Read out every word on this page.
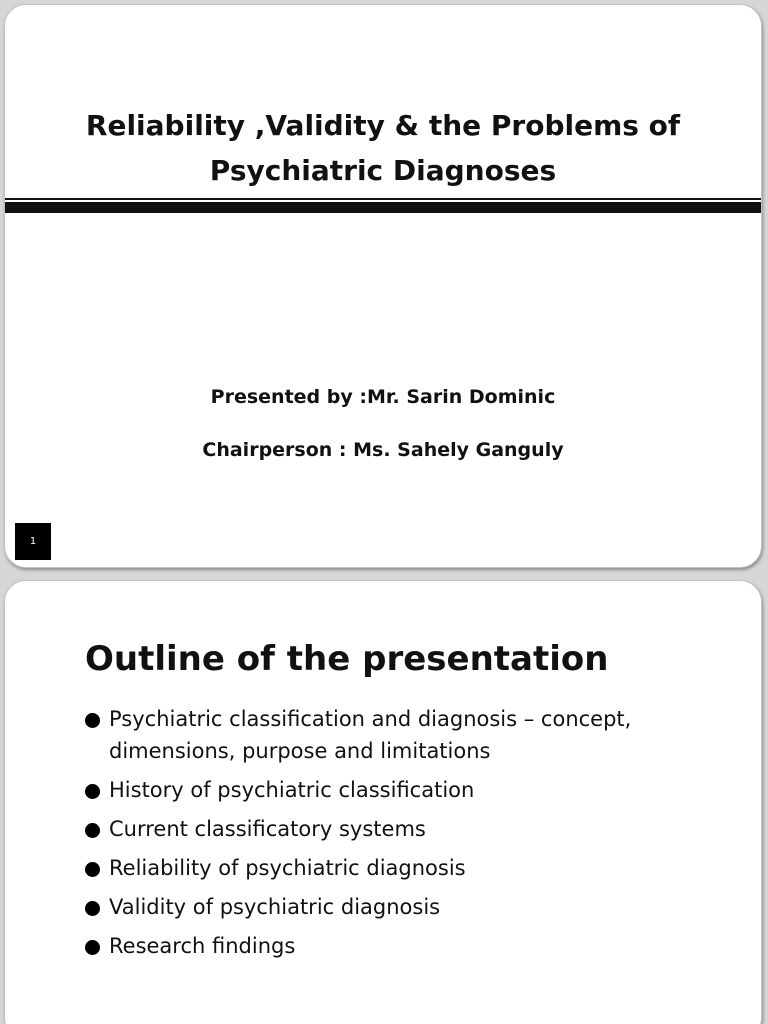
Reliability ,Validity & the Problems of
Psychiatric Diagnoses
Presented by :Mr. Sarin Dominic
Chairperson : Ms. Sahely Ganguly
1
Outline of the presentation
Psychiatric classification and diagnosis – concept, dimensions, purpose and limitations
History of psychiatric classification
Current classificatory systems
Reliability of psychiatric diagnosis
Validity of psychiatric diagnosis
Research findings
